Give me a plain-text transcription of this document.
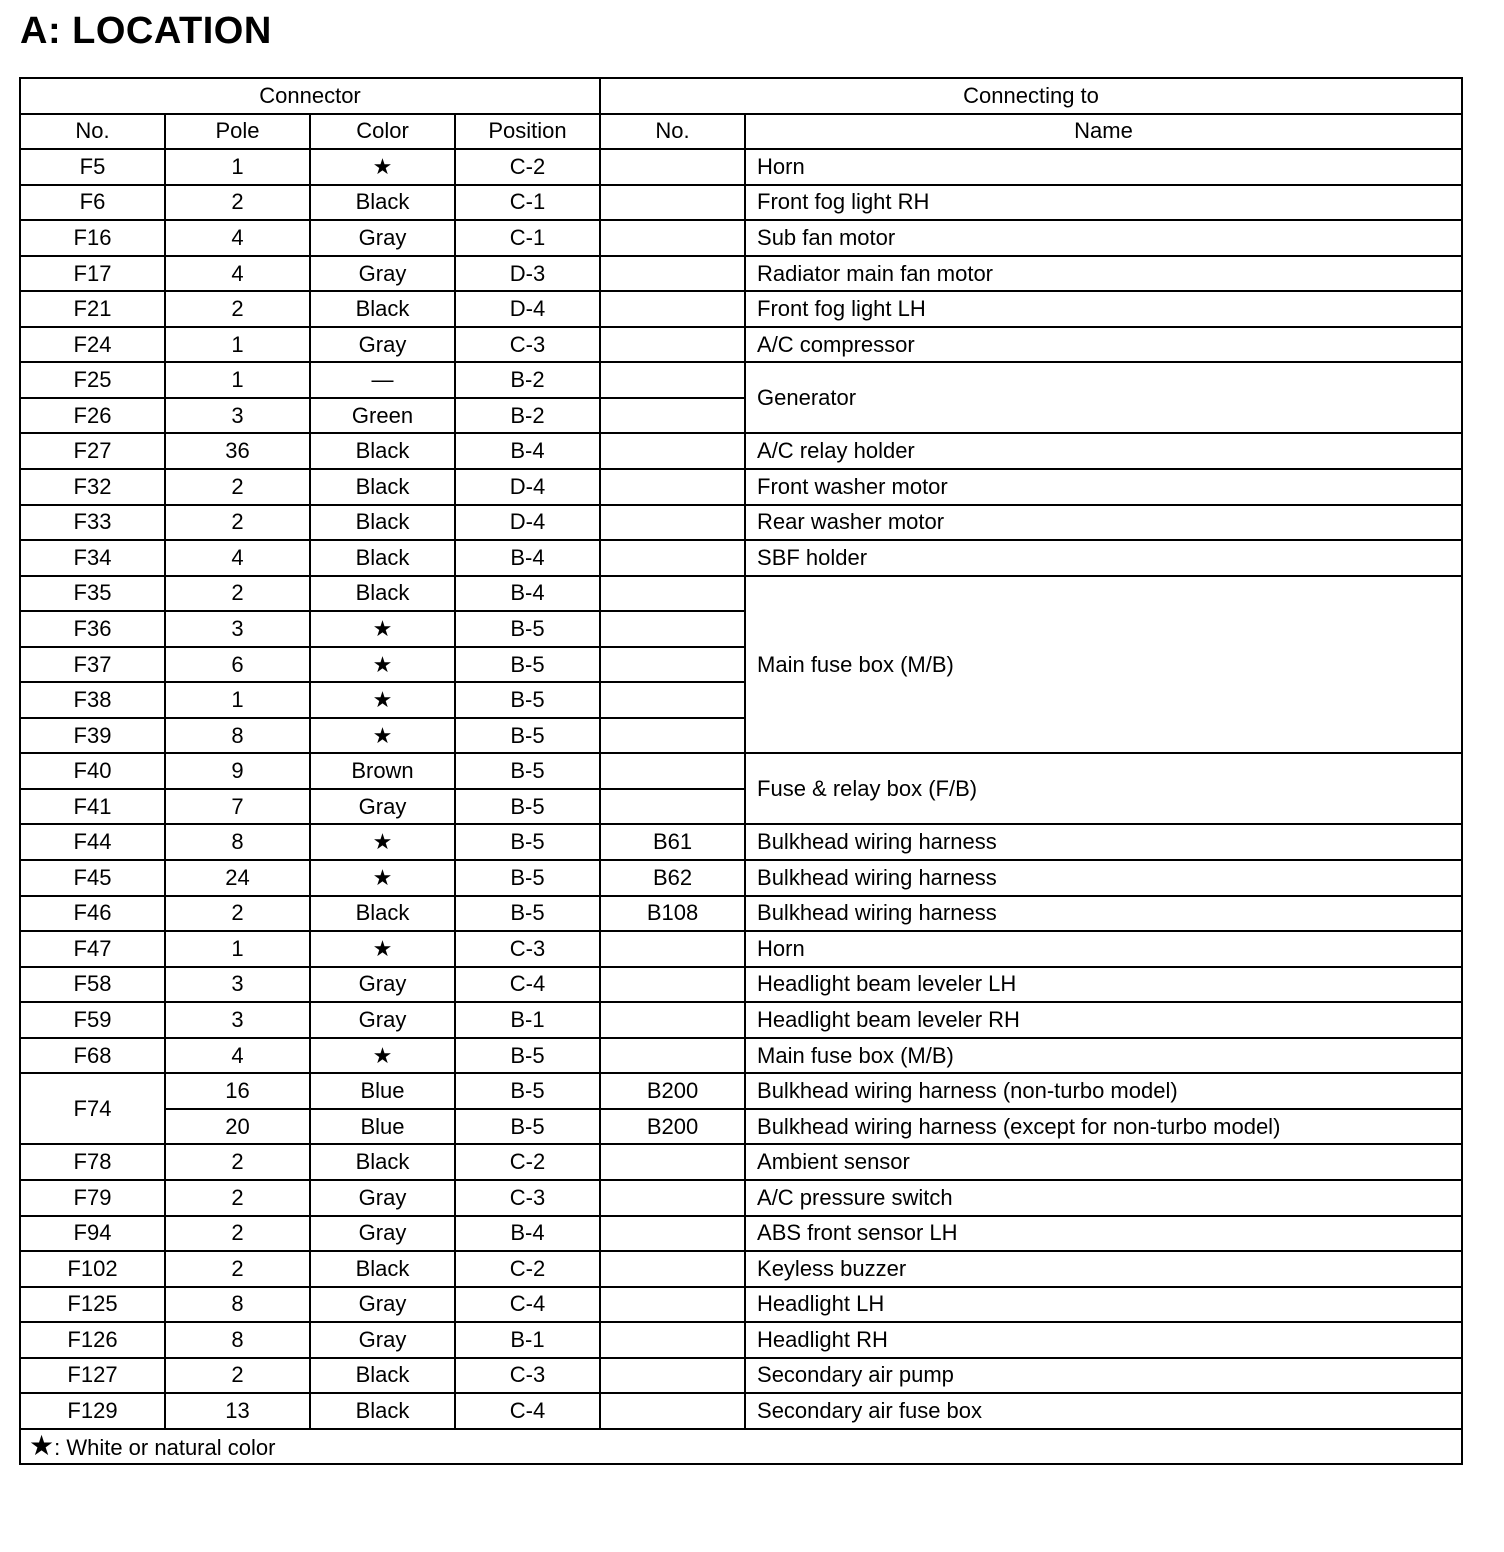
A: LOCATION
Connector				Connecting to	
No.	Pole	Color	Position	No.	Name
F5	1	★	C-2		Horn
F6	2	Black	C-1		Front fog light RH
F16	4	Gray	C-1		Sub fan motor
F17	4	Gray	D-3		Radiator main fan motor
F21	2	Black	D-4		Front fog light LH
F24	1	Gray	C-3		A/C compressor
F25	1	—	B-2		Generator
F26	3	Green	B-2		
F27	36	Black	B-4		A/C relay holder
F32	2	Black	D-4		Front washer motor
F33	2	Black	D-4		Rear washer motor
F34	4	Black	B-4		SBF holder
F35	2	Black	B-4		Main fuse box (M/B)
F36	3	★	B-5		
F37	6	★	B-5		
F38	1	★	B-5		
F39	8	★	B-5		
F40	9	Brown	B-5		Fuse & relay box (F/B)
F41	7	Gray	B-5		
F44	8	★	B-5	B61	Bulkhead wiring harness
F45	24	★	B-5	B62	Bulkhead wiring harness
F46	2	Black	B-5	B108	Bulkhead wiring harness
F47	1	★	C-3		Horn
F58	3	Gray	C-4		Headlight beam leveler LH
F59	3	Gray	B-1		Headlight beam leveler RH
F68	4	★	B-5		Main fuse box (M/B)
F74	16	Blue	B-5	B200	Bulkhead wiring harness (non-turbo model)
	20	Blue	B-5	B200	Bulkhead wiring harness (except for non-turbo model)
F78	2	Black	C-2		Ambient sensor
F79	2	Gray	C-3		A/C pressure switch
F94	2	Gray	B-4		ABS front sensor LH
F102	2	Black	C-2		Keyless buzzer
F125	8	Gray	C-4		Headlight LH
F126	8	Gray	B-1		Headlight RH
F127	2	Black	C-3		Secondary air pump
F129	13	Black	C-4		Secondary air fuse box
★: White or natural color					
